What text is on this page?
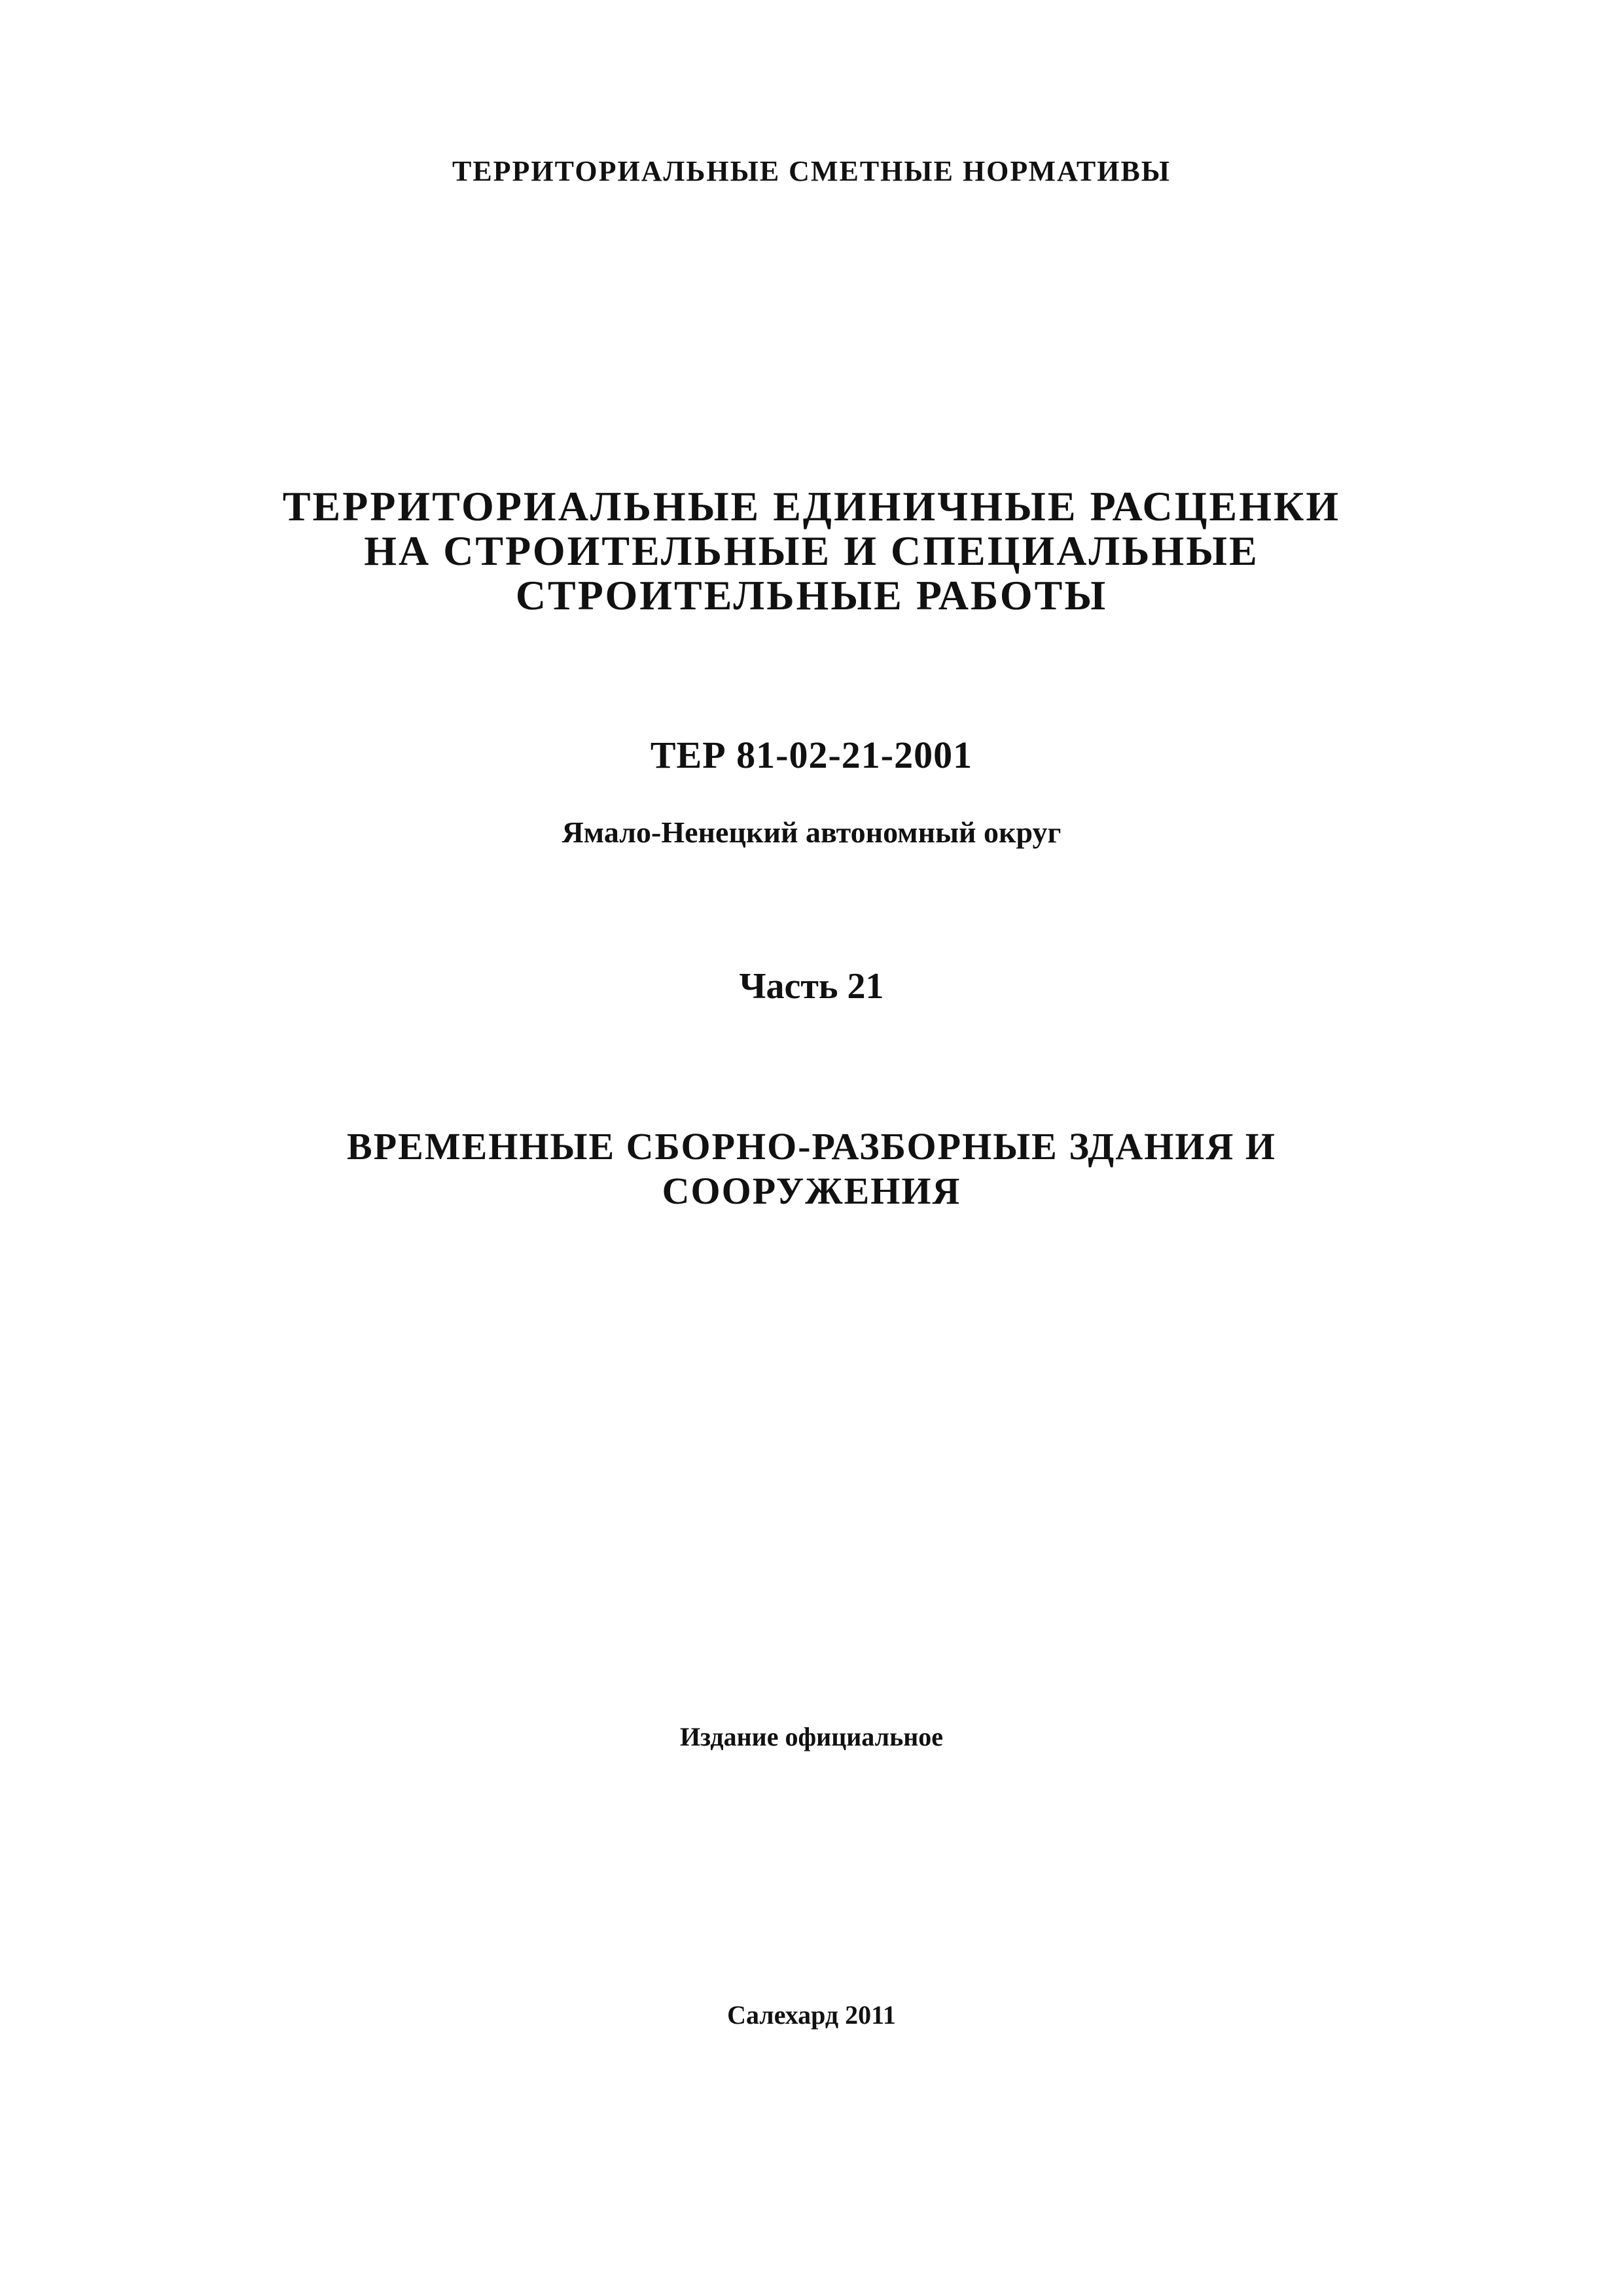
ТЕРРИТОРИАЛЬНЫЕ СМЕТНЫЕ НОРМАТИВЫ
ТЕРРИТОРИАЛЬНЫЕ ЕДИНИЧНЫЕ РАСЦЕНКИ
НА СТРОИТЕЛЬНЫЕ И СПЕЦИАЛЬНЫЕ
СТРОИТЕЛЬНЫЕ РАБОТЫ
ТЕР 81-02-21-2001
Ямало-Ненецкий автономный округ
Часть 21
ВРЕМЕННЫЕ СБОРНО-РАЗБОРНЫЕ ЗДАНИЯ И
СООРУЖЕНИЯ
Издание официальное
Салехард 2011
